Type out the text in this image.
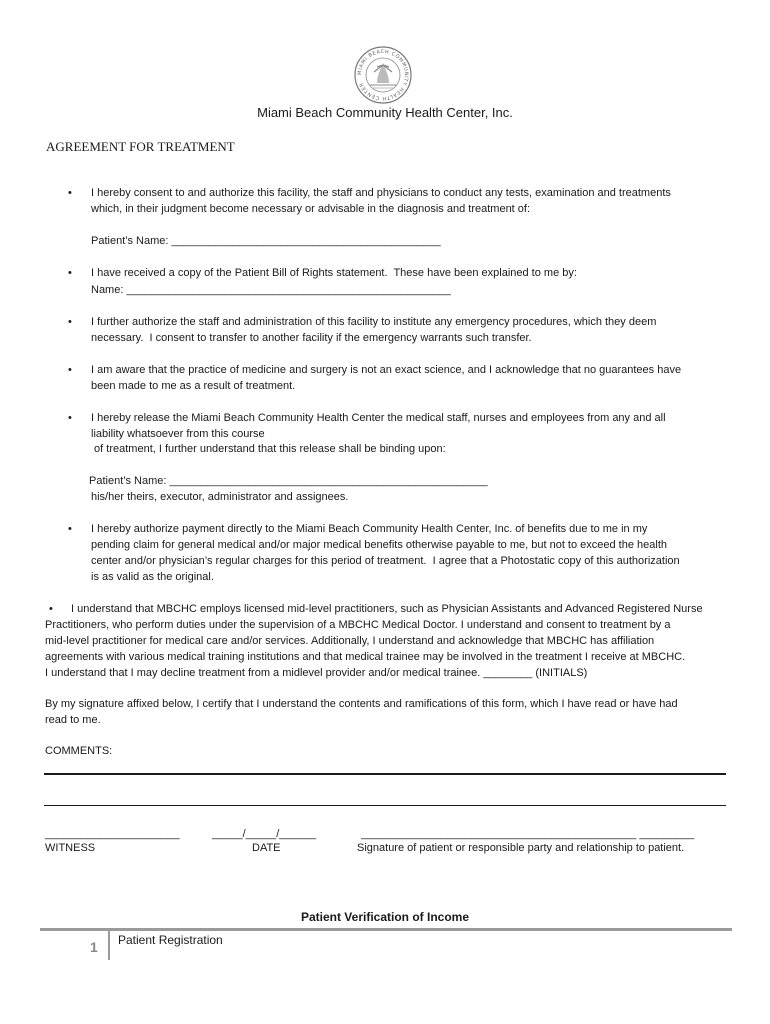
MIAMI BEACH COMMUNITY HEALTH CENTER
Miami Beach Community Health Center, Inc.
AGREEMENT FOR TREATMENT
• I hereby consent to and authorize this facility, the staff and physicians to conduct any tests, examination and treatments
which, in their judgment become necessary or advisable in the diagnosis and treatment of:
Patient’s Name: ____________________________________________
• I have received a copy of the Patient Bill of Rights statement.  These have been explained to me by:
Name: _____________________________________________________
• I further authorize the staff and administration of this facility to institute any emergency procedures, which they deem
necessary.  I consent to transfer to another facility if the emergency warrants such transfer.
• I am aware that the practice of medicine and surgery is not an exact science, and I acknowledge that no guarantees have
been made to me as a result of treatment.
• I hereby release the Miami Beach Community Health Center the medical staff, nurses and employees from any and all
liability whatsoever from this course
of treatment, I further understand that this release shall be binding upon:
Patient’s Name: ____________________________________________________
his/her theirs, executor, administrator and assignees.
• I hereby authorize payment directly to the Miami Beach Community Health Center, Inc. of benefits due to me in my
pending claim for general medical and/or major medical benefits otherwise payable to me, but not to exceed the health
center and/or physician’s regular charges for this period of treatment.  I agree that a Photostatic copy of this authorization
is as valid as the original.
• I understand that MBCHC employs licensed mid-level practitioners, such as Physician Assistants and Advanced Registered Nurse
Practitioners, who perform duties under the supervision of a MBCHC Medical Doctor. I understand and consent to treatment by a
mid-level practitioner for medical care and/or services. Additionally, I understand and acknowledge that MBCHC has affiliation
agreements with various medical training institutions and that medical trainee may be involved in the treatment I receive at MBCHC.
I understand that I may decline treatment from a midlevel provider and/or medical trainee. ________ (INITIALS)
By my signature affixed below, I certify that I understand the contents and ramifications of this form, which I have read or have had
read to me.
COMMENTS:
______________________	_____/_____/______	_____________________________________________ _________
WITNESS	DATE	Signature of patient or responsible party and relationship to patient.
Patient Verification of Income
1 Patient Registration
